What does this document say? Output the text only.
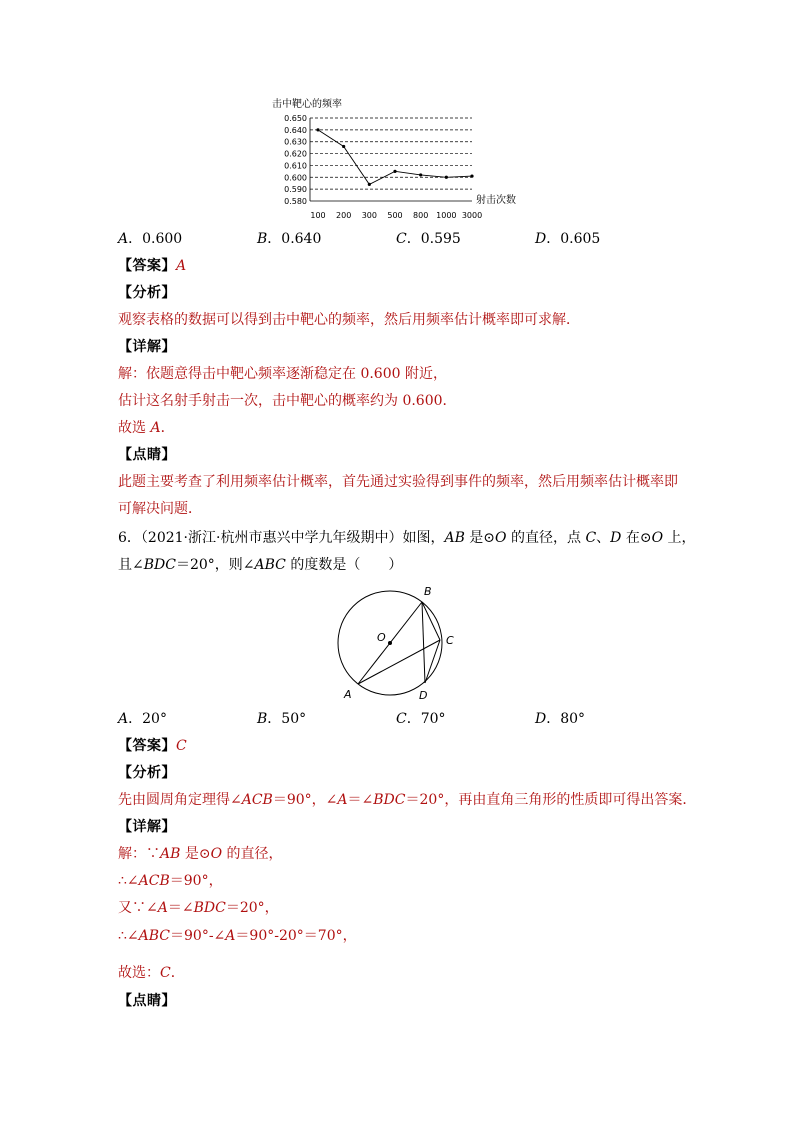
击中靶心的频率
0.580
0.590
0.600
0.610
0.620
0.630
0.640
0.650
100 200 300 500 800 1000 3000
射击次数
A．0.600	B．0.640	C．0.595	D．0.605
【答案】A
【分析】
观察表格的数据可以得到击中靶心的频率，然后用频率估计概率即可求解．
【详解】
解：依题意得击中靶心频率逐渐稳定在 0.600 附近，
估计这名射手射击一次，击中靶心的概率约为 0.600．
故选 A．
【点睛】
此题主要考查了利用频率估计概率，首先通过实验得到事件的频率，然后用频率估计概率即
可解决问题．
6．（2021·浙江·杭州市惠兴中学九年级期中）如图，AB 是⊙O 的直径，点 C、D 在⊙O 上，
且∠BDC＝20°，则∠ABC 的度数是（　　）
B
O	C
A	D
A．20°	B．50°	C．70°	D．80°
【答案】C
【分析】
先由圆周角定理得∠ACB＝90°，∠A＝∠BDC＝20°，再由直角三角形的性质即可得出答案．
【详解】
解：∵AB 是⊙O 的直径，
∴∠ACB＝90°，
又∵∠A＝∠BDC＝20°，
∴∠ABC＝90°-∠A＝90°-20°＝70°，
故选：C．
【点睛】
